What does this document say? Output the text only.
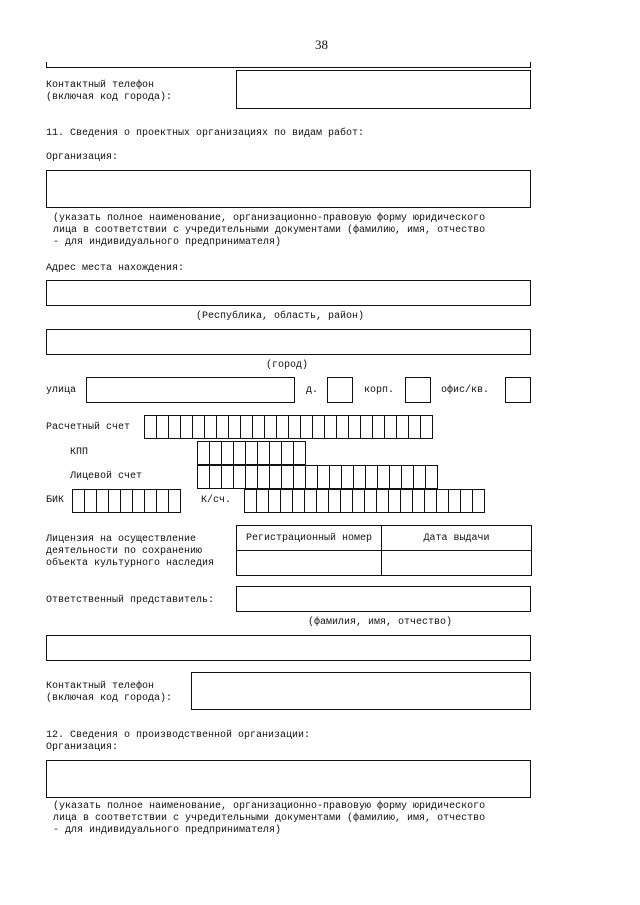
38
Контактный телефон
(включая код города):
11. Сведения о проектных организациях по видам работ:
Организация:
(указать полное наименование, организационно-правовую форму юридического
лица в соответствии с учредительными документами (фамилию, имя, отчество
- для индивидуального предпринимателя)
Адрес места нахождения:
(Республика, область, район)
(город)
улица	д.	корп.	офис/кв.
Расчетный счет
КПП
Лицевой счет
БИК	К/сч.
Лицензия на осуществление
деятельности по сохранению
объекта культурного наследия
Регистрационный номер	Дата выдачи

Ответственный представитель:
(фамилия, имя, отчество)
Контактный телефон
(включая код города):
12. Сведения о производственной организации:
Организация:
(указать полное наименование, организационно-правовую форму юридического
лица в соответствии с учредительными документами (фамилию, имя, отчество
- для индивидуального предпринимателя)
